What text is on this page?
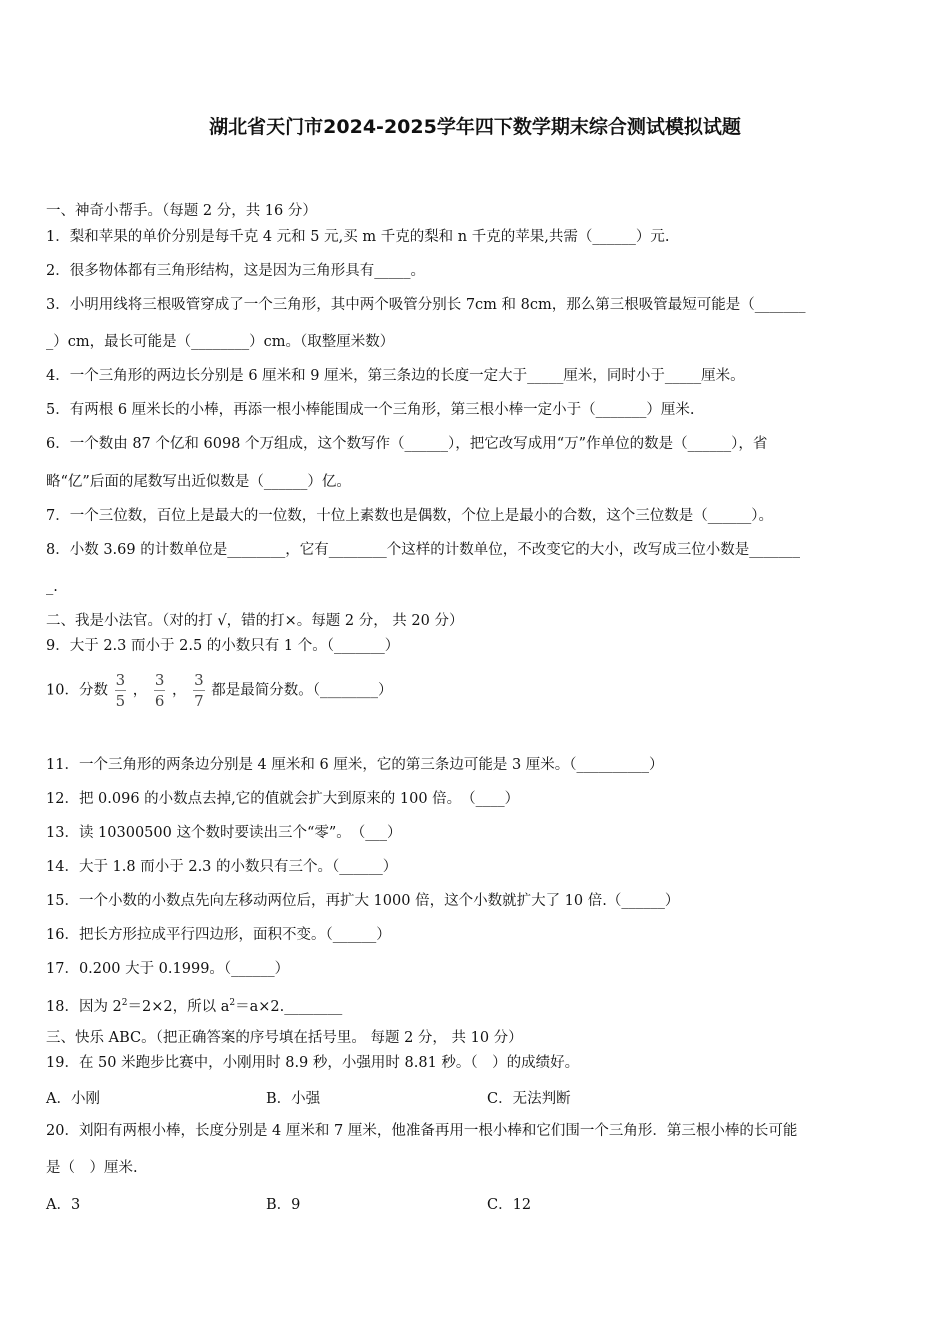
湖北省天门市2024-2025学年四下数学期末综合测试模拟试题
一、神奇小帮手。（每题 2 分，共 16 分）
1．梨和苹果的单价分别是每千克 4 元和 5 元,买 m 千克的梨和 n 千克的苹果,共需（______）元.
2．很多物体都有三角形结构，这是因为三角形具有_____。
3．小明用线将三根吸管穿成了一个三角形，其中两个吸管分别长 7cm 和 8cm，那么第三根吸管最短可能是（_______
_）cm，最长可能是（________）cm。（取整厘米数）
4．一个三角形的两边长分别是 6 厘米和 9 厘米，第三条边的长度一定大于_____厘米，同时小于_____厘米。
5．有两根 6 厘米长的小棒，再添一根小棒能围成一个三角形，第三根小棒一定小于（_______）厘米.
6．一个数由 87 个亿和 6098 个万组成，这个数写作（______），把它改写成用“万”作单位的数是（______），省
略“亿”后面的尾数写出近似数是（______）亿。
7．一个三位数，百位上是最大的一位数，十位上素数也是偶数，个位上是最小的合数，这个三位数是（______）。
8．小数 3.69 的计数单位是________，它有________个这样的计数单位，不改变它的大小，改写成三位小数是_______
_.
二、我是小法官。（对的打 √，错的打×。每题 2 分， 共 20 分）
9．大于 2.3 而小于 2.5 的小数只有 1 个。（_______）
10．分数 $\frac{3}{5}$ ， $\frac{3}{6}$ ， $\frac{3}{7}$ 都是最简分数。（________）
11．一个三角形的两条边分别是 4 厘米和 6 厘米，它的第三条边可能是 3 厘米。（__________）
12．把 0.096 的小数点去掉,它的值就会扩大到原来的 100 倍。　（____）
13．读 10300500 这个数时要读出三个“零”。　（___）
14．大于 1.8 而小于 2.3 的小数只有三个。（______）
15．一个小数的小数点先向左移动两位后，再扩大 1000 倍，这个小数就扩大了 10 倍.（______）
16．把长方形拉成平行四边形，面积不变。（______）
17．0.200 大于 0.1999。（______）
18．因为 $2^2=2\times 2$，所以 $a^2=a\times 2.\_\_\_\_\_\_\_\_$
三、快乐 ABC。（把正确答案的序号填在括号里。 每题 2 分， 共 10 分）
19．在 50 米跑步比赛中，小刚用时 8.9 秒，小强用时 8.81 秒。（　）的成绩好。
A．小刚	B．小强	C．无法判断
20．刘阳有两根小棒，长度分别是 4 厘米和 7 厘米，他准备再用一根小棒和它们围一个三角形．第三根小棒的长可能
是（　）厘米.
A．3	B．9	C．12
